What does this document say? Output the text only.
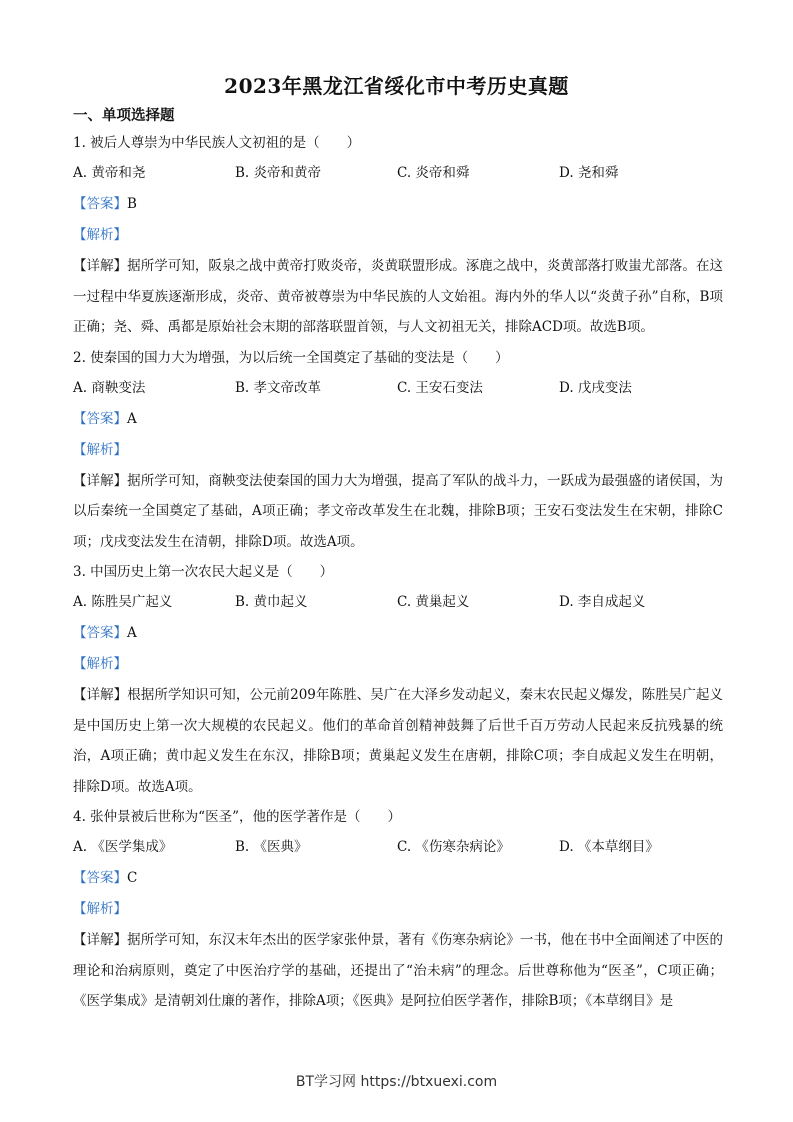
2023年黑龙江省绥化市中考历史真题
一、单项选择题
1. 被后人尊崇为中华民族人文初祖的是（　　）
A. 黄帝和尧	B. 炎帝和黄帝	C. 炎帝和舜	D. 尧和舜
【答案】B
【解析】
【详解】据所学可知，阪泉之战中黄帝打败炎帝，炎黄联盟形成。涿鹿之战中，炎黄部落打败蚩尤部落。在这一过程中华夏族逐渐形成，炎帝、黄帝被尊崇为中华民族的人文始祖。海内外的华人以“炎黄子孙”自称，B项正确；尧、舜、禹都是原始社会末期的部落联盟首领，与人文初祖无关，排除ACD项。故选B项。
2. 使秦国的国力大为增强，为以后统一全国奠定了基础的变法是（　　）
A. 商鞅变法	B. 孝文帝改革	C. 王安石变法	D. 戊戌变法
【答案】A
【解析】
【详解】据所学可知，商鞅变法使秦国的国力大为增强，提高了军队的战斗力，一跃成为最强盛的诸侯国，为以后秦统一全国奠定了基础，A项正确；孝文帝改革发生在北魏，排除B项；王安石变法发生在宋朝，排除C项；戊戌变法发生在清朝，排除D项。故选A项。
3. 中国历史上第一次农民大起义是（　　）
A. 陈胜吴广起义	B. 黄巾起义	C. 黄巢起义	D. 李自成起义
【答案】A
【解析】
【详解】根据所学知识可知，公元前209年陈胜、吴广在大泽乡发动起义，秦末农民起义爆发，陈胜吴广起义是中国历史上第一次大规模的农民起义。他们的革命首创精神鼓舞了后世千百万劳动人民起来反抗残暴的统治，A项正确；黄巾起义发生在东汉，排除B项；黄巢起义发生在唐朝，排除C项；李自成起义发生在明朝，排除D项。故选A项。
4. 张仲景被后世称为“医圣”，他的医学著作是（　　）
A. 《医学集成》	B. 《医典》	C. 《伤寒杂病论》	D. 《本草纲目》
【答案】C
【解析】
【详解】据所学可知，东汉末年杰出的医学家张仲景，著有《伤寒杂病论》一书，他在书中全面阐述了中医的理论和治病原则，奠定了中医治疗学的基础，还提出了“治未病”的理念。后世尊称他为“医圣”，C项正确；《医学集成》是清朝刘仕廉的著作，排除A项；《医典》是阿拉伯医学著作，排除B项；《本草纲目》是
BT学习网 https://btxuexi.com
